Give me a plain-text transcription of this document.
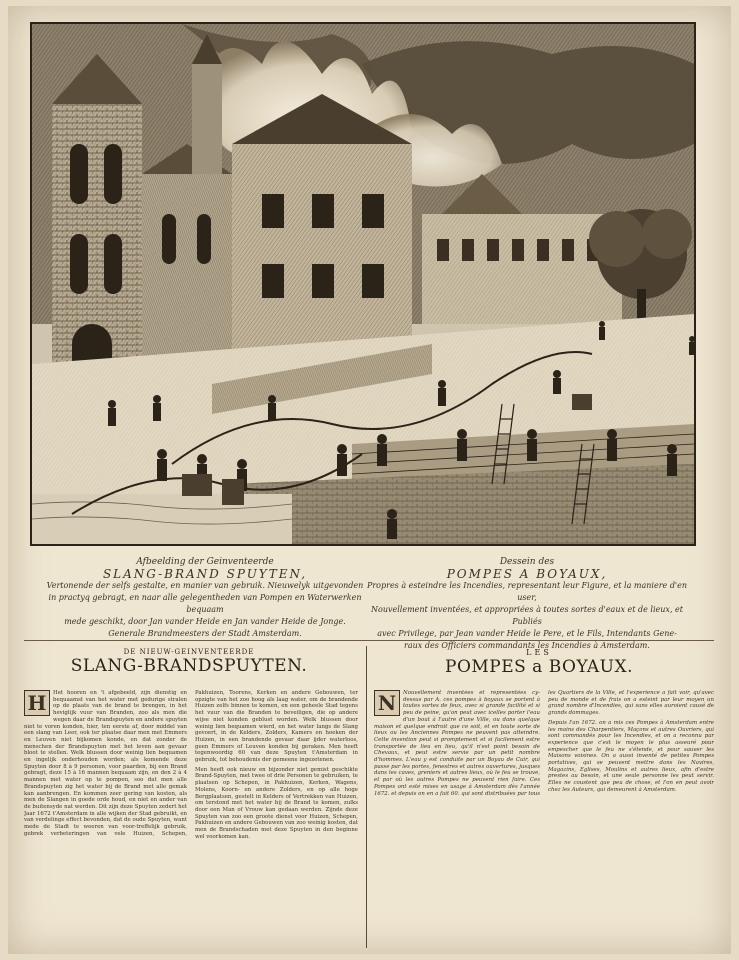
Afbeelding der Geinventeerde
SLANG-BRAND SPUYTEN,
Vertonende der selfs gestalte, en manier van gebruik. Nieuwelyk uitgevonden
in practyq gebragt, en naar alle gelegentheden van Pompen en Waterwerken bequaam
mede geschikt, door Jan vander Heide en Jan vander Heide de Jonge.
Generale Brandmeesters der Stadt Amsterdam.
Dessein des
POMPES A BOYAUX,
Propres à esteindre les Incendies, representant leur Figure, et la maniere d'en user,
Nouvellement inventées, et appropriées à toutes sortes d'eaux et de lieux, et Publiés
avec Privilege, par Jean vander Heide le Pere, et le Fils, Intendants Gene-
raux des Officiers commandants les Incendies à Amsterdam.
DE NIEUW-GEINVENTEERDE
SLANG-BRANDSPUYTEN.
LES
POMPES a BOYAUX.
H	Het hooren en 't afgebeeld, zijn dienstig en bequaamst van het water met gedurige stralen op de plaats van de brand te brengen, in het heviglijk vuur van Branden, zoo als men die wegen daar de Brandspuyten en andere spuyten niet te voren konden, hier, ten eerste af, door middel van een slang van Leer, ook ter plaatse daar men met Emmers en Leuven niet bijkomen konde, en dat zonder de menschen der Brandspuyten met het leven aan gevaar bloot te stellen. Welk blussen door weinig lien bequamen en ingelijk onderhouden worden; als komende deze Spuyten door 8 à 9 personen, voor paarden, bij een Brand gebragt, deze 15 à 16 mannen bequaam zijn, en den 2 à 4 mannen met water op te pompen, soo dat men alle Brandspuyten zig het water bij de Brand met alle gemak kan aanbrengen. En kommen zeer gering van kosten, als men de Slangen in goede orde houd, en niet en ander van de buitensyde nat werden. Dit zijn deze Spuyten zedert het Jaar 1672 t'Amsterdam in alle wijken der Stad gebruikt, en van verdelinge effect bevonden, dat de oude Spuyten, want mede de Stadt te weeren van voor-treffelijk gebruik, gebrek verbeteringen van vele Huizen, Schepen, Pakhuizen, Toorens, Kerken en andere Gebouwen, ter opzigte van het zoo hoog als laag water, om de brandende Huizen zelfs binnen te komen, en een geheele Stad tegens het vuur van die Branden te beveiligen, die op andere wijse niet konden geblust worden. Welk blussen door weinig lien bequamen wierd, en het water langs de Slang gevoert, in de Kelders, Zolders, Kamers en hoeken der Huizen, in een brandende gevaar daar ijder waterloos, geen Emmers of Leuven konden bij geraken. Men heeft tegenwoordig 60 van deze Spuyten t'Amsterdam in gebruik, tot behoudenis der gemeene ingezetenen.

Men heeft ook nieuw en bijzonder niet gemist geschikte Brand-Spuyten, met twee of drie Personen te gebruiken, te plaatsen op Schepen, in Pakhuizen, Kerken, Wagens, Molens, Koorn- en andere Zolders, en op alle hoge Bergplaatsen, gestelt in Kelders of Vertrekken van Huizen, om terstond met het water bij de Brand te komen, zulks door een Man of Vrouw kan gedaan werden. Zijnde deze Spuyten van zoo een groote dienst voor Huizen, Schepen, Pakhuizen en andere Gebouwen van zoo weinig kosten, dat men de Brandschaden met deze Spuyten in den beginne wel voorkomen kan.

N	Nouvellement inventées et representées cy-dessus par A. ces pompes à boyaux se portent à toutes sortes de feux, avec si grande facilité et si peu de peine, qu'on peut avec icelles porter l'eau d'un bout à l'autre d'une Ville, ou dans quelque maison et quelque endroit que ce soit, et en toute sorte de lieux ou les Anciennes Pompes ne peuvent pas atteindre. Cette invention peut si promptement et si facilement estre transportée de lieu en lieu, qu'il n'est point besoin de Chevaux, et peut estre servie par un petit nombre d'hommes. L'eau y est conduite par un Boyau de Cuir, qui passe par les portes, fenestres et autres ouvertures, jusques dans les caves, greniers et autres lieux, où le feu se trouve, et par où les autres Pompes ne peuvent rien faire. Ces Pompes ont esté mises en usage à Amsterdam dès l'année 1672. et depuis on en a fait 60. qui sont distribuées par tous les Quartiers de la Ville, et l'experience a fait voir, qu'avec peu de monde et de frais on a esteint par leur moyen un grand nombre d'Incendies, qui sans elles auroient causé de grands dommages.

Depuis l'an 1672. on a mis ces Pompes à Amsterdam entre les mains des Charpentiers, Maçons et autres Ouvriers, qui sont commandés pour les Incendies, et on a reconnu par experience que c'est le moyen le plus asseuré pour empescher que le feu ne s'étende, et pour sauver les Maisons voisines. On a aussi inventé de petites Pompes portatives, qui se peuvent mettre dans les Navires, Magazins, Eglises, Moulins et autres lieux, afin d'estre prestes au besoin, et une seule personne les peut servir. Elles ne coustent que peu de chose, et l'on en peut avoir chez les Auteurs, qui demeurent à Amsterdam.
